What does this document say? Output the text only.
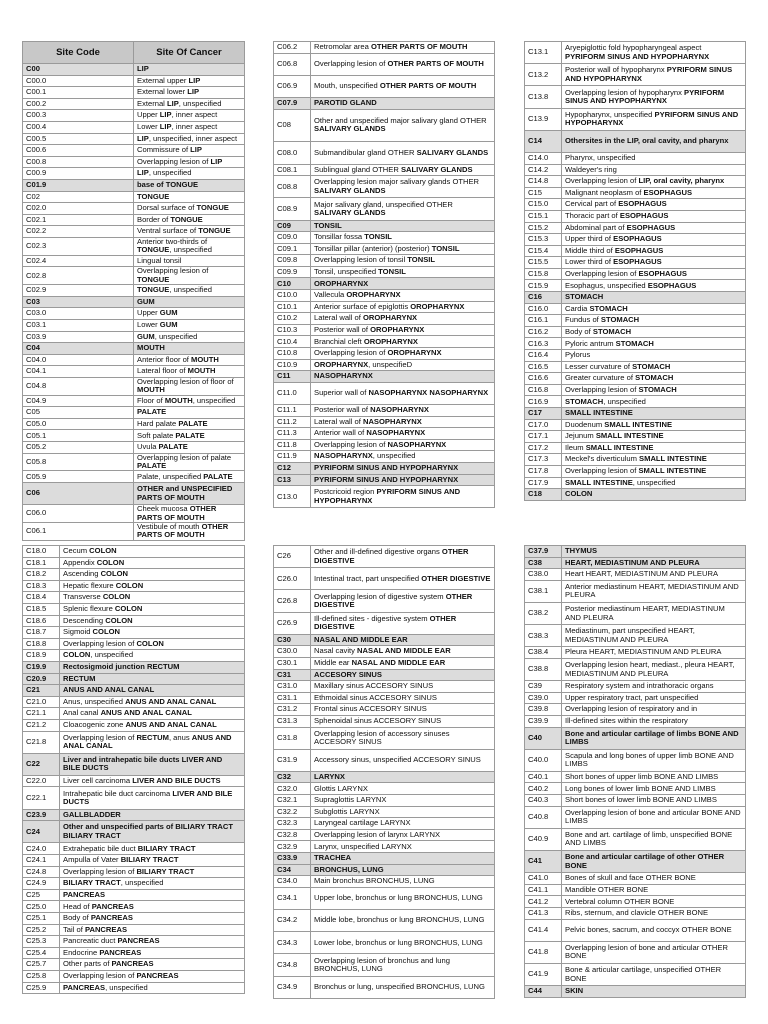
Site Code	Site Of Cancer
C00	LIP
C00.0	External upper LIP
C00.1	External lower LIP
C00.2	External LIP, unspecified
C00.3	Upper LIP, inner aspect
C00.4	Lower LIP, inner aspect
C00.5	LIP, unspecified, inner aspect
C00.6	Commissure of LIP
C00.8	Overlapping lesion of LIP
C00.9	LIP, unspecified
C01.9	base of TONGUE
C02	TONGUE
C02.0	Dorsal surface of TONGUE
C02.1	Border of TONGUE
C02.2	Ventral surface of TONGUE
C02.3	Anterior two-thirds of TONGUE, unspecified
C02.4	Lingual tonsil
C02.8	Overlapping lesion of TONGUE
C02.9	TONGUE, unspecified
C03	GUM
C03.0	Upper GUM
C03.1	Lower GUM
C03.9	GUM, unspecified
C04	MOUTH
C04.0	Anterior floor of MOUTH
C04.1	Lateral floor of MOUTH
C04.8	Overlapping lesion of floor of MOUTH
C04.9	Floor of MOUTH, unspecified
C05	PALATE
C05.0	Hard palate PALATE
C05.1	Soft palate PALATE
C05.2	Uvula PALATE
C05.8	Overlapping lesion of palate PALATE
C05.9	Palate, unspecified PALATE
C06	OTHER and UNSPECIFIED PARTS OF MOUTH
C06.0	Cheek mucosa OTHER PARTS OF MOUTH
C06.1	Vestibule of mouth OTHER PARTS OF MOUTH
C06.2	Retromolar area OTHER PARTS OF MOUTH
C06.8	Overlapping lesion of OTHER PARTS OF MOUTH
C06.9	Mouth, unspecified OTHER PARTS OF MOUTH
C07.9	PAROTID GLAND
C08	Other and unspecified major salivary gland OTHER SALIVARY GLANDS
C08.0	Submandibular gland OTHER SALIVARY GLANDS
C08.1	Sublingual gland OTHER SALIVARY GLANDS
C08.8	Overlapping lesion major salivary glands OTHER SALIVARY GLANDS
C08.9	Major salivary gland, unspecified OTHER SALIVARY GLANDS
C09	TONSIL
C09.0	Tonsillar fossa TONSIL
C09.1	Tonsillar pillar (anterior) (posterior) TONSIL
C09.8	Overlapping lesion of tonsil TONSIL
C09.9	Tonsil, unspecified TONSIL
C10	OROPHARYNX
C10.0	Vallecula OROPHARYNX
C10.1	Anterior surface of epiglottis OROPHARYNX
C10.2	Lateral wall of OROPHARYNX
C10.3	Posterior wall of OROPHARYNX
C10.4	Branchial cleft OROPHARYNX
C10.8	Overlapping lesion of OROPHARYNX
C10.9	OROPHARYNX, unspecifieD
C11	NASOPHARYNX
C11.0	Superior wall of NASOPHARYNX NASOPHARYNX
C11.1	Posterior wall of NASOPHARYNX
C11.2	Lateral wall of NASOPHARYNX
C11.3	Anterior wall of NASOPHARYNX
C11.8	Overlapping lesion of NASOPHARYNX
C11.9	NASOPHARYNX, unspecified
C12	PYRIFORM SINUS AND HYPOPHARYNX
C13	PYRIFORM SINUS AND HYPOPHARYNX
C13.0	Postcricoid region PYRIFORM SINUS AND HYPOPHARYNX
C13.1	Aryepiglottic fold hypopharyngeal aspect PYRIFORM SINUS AND HYPOPHARYNX
C13.2	Posterior wall of hypopharynx PYRIFORM SINUS AND HYPOPHARYNX
C13.8	Overlapping lesion of hypopharynx PYRIFORM SINUS AND HYPOPHARYNX
C13.9	Hypopharynx, unspecified PYRIFORM SINUS AND HYPOPHARYNX
C14	Othersites in the LIP, oral cavity, and pharynx
C14.0	Pharynx, unspecified
C14.2	Waldeyer's ring
C14.8	Overlapping lesion of LIP, oral cavity, pharynx
C15	Malignant neoplasm of ESOPHAGUS
C15.0	Cervical part of ESOPHAGUS
C15.1	Thoracic part of ESOPHAGUS
C15.2	Abdominal part of ESOPHAGUS
C15.3	Upper third of ESOPHAGUS
C15.4	Middle third of ESOPHAGUS
C15.5	Lower third of ESOPHAGUS
C15.8	Overlapping lesion of ESOPHAGUS
C15.9	Esophagus, unspecified ESOPHAGUS
C16	STOMACH
C16.0	Cardia STOMACH
C16.1	Fundus of STOMACH
C16.2	Body of STOMACH
C16.3	Pyloric antrum STOMACH
C16.4	Pylorus
C16.5	Lesser curvature of STOMACH
C16.6	Greater curvature of STOMACH
C16.8	Overlapping lesion of STOMACH
C16.9	STOMACH, unspecified
C17	SMALL INTESTINE
C17.0	Duodenum SMALL INTESTINE
C17.1	Jejunum SMALL INTESTINE
C17.2	Ileum SMALL INTESTINE
C17.3	Meckel's diverticulum SMALL INTESTINE
C17.8	Overlapping lesion of SMALL INTESTINE
C17.9	SMALL INTESTINE, unspecified
C18	COLON
C18.0	Cecum COLON
C18.1	Appendix COLON
C18.2	Ascending COLON
C18.3	Hepatic flexure COLON
C18.4	Transverse COLON
C18.5	Splenic flexure COLON
C18.6	Descending COLON
C18.7	Sigmoid COLON
C18.8	Overlapping lesion of COLON
C18.9	COLON, unspecified
C19.9	Rectosigmoid junction RECTUM
C20.9	RECTUM
C21	ANUS AND ANAL CANAL
C21.0	Anus, unspecified ANUS AND ANAL CANAL
C21.1	Anal canal ANUS AND ANAL CANAL
C21.2	Cloacogenic zone ANUS AND ANAL CANAL
C21.8	Overlapping lesion of RECTUM, anus ANUS AND ANAL CANAL
C22	Liver and intrahepatic bile ducts LIVER AND BILE DUCTS
C22.0	Liver cell carcinoma LIVER AND BILE DUCTS
C22.1	Intrahepatic bile duct carcinoma LIVER AND BILE DUCTS
C23.9	GALLBLADDER
C24	Other and unspecified parts of BILIARY TRACT BILIARY TRACT
C24.0	Extrahepatic bile duct BILIARY TRACT
C24.1	Ampulla of Vater BILIARY TRACT
C24.8	Overlapping lesion of BILIARY TRACT
C24.9	BILIARY TRACT, unspecified
C25	PANCREAS
C25.0	Head of PANCREAS
C25.1	Body of PANCREAS
C25.2	Tail of PANCREAS
C25.3	Pancreatic duct PANCREAS
C25.4	Endocrine PANCREAS
C25.7	Other parts of PANCREAS
C25.8	Overlapping lesion of PANCREAS
C25.9	PANCREAS, unspecified
C26	Other and ill-defined digestive organs OTHER DIGESTIVE
C26.0	Intestinal tract, part unspecified OTHER DIGESTIVE
C26.8	Overlapping lesion of digestive system OTHER DIGESTIVE
C26.9	Ill-defined sites - digestive system OTHER DIGESTIVE
C30	NASAL AND MIDDLE EAR
C30.0	Nasal cavity NASAL AND MIDDLE EAR
C30.1	Middle ear NASAL AND MIDDLE EAR
C31	ACCESORY SINUS
C31.0	Maxillary sinus ACCESORY SINUS
C31.1	Ethmoidal sinus ACCESORY SINUS
C31.2	Frontal sinus ACCESORY SINUS
C31.3	Sphenoidal sinus ACCESORY SINUS
C31.8	Overlapping lesion of accessory sinuses ACCESORY SINUS
C31.9	Accessory sinus, unspecified ACCESORY SINUS
C32	LARYNX
C32.0	Glottis LARYNX
C32.1	Supraglottis LARYNX
C32.2	Subglottis LARYNX
C32.3	Laryngeal cartilage LARYNX
C32.8	Overlapping lesion of larynx LARYNX
C32.9	Larynx, unspecified LARYNX
C33.9	TRACHEA
C34	BRONCHUS, LUNG
C34.0	Main bronchus BRONCHUS, LUNG
C34.1	Upper lobe, bronchus or lung BRONCHUS, LUNG
C34.2	Middle lobe, bronchus or lung BRONCHUS, LUNG
C34.3	Lower lobe, bronchus or lung BRONCHUS, LUNG
C34.8	Overlapping lesion of bronchus and lung BRONCHUS, LUNG
C34.9	Bronchus or lung, unspecified BRONCHUS, LUNG
C37.9	THYMUS
C38	HEART, MEDIASTINUM AND PLEURA
C38.0	Heart HEART, MEDIASTINUM AND PLEURA
C38.1	Anterior mediastinum HEART, MEDIASTINUM AND PLEURA
C38.2	Posterior mediastinum HEART, MEDIASTINUM AND PLEURA
C38.3	Mediastinum, part unspecified HEART, MEDIASTINUM AND PLEURA
C38.4	Pleura HEART, MEDIASTINUM AND PLEURA
C38.8	Overlapping lesion heart, mediast., pleura HEART, MEDIASTINUM AND PLEURA
C39	Respiratory system and intrathoracic organs
C39.0	Upper respiratory tract, part unspecified
C39.8	Overlapping lesion of respiratory and in
C39.9	Ill-defined sites within the respiratory
C40	Bone and articular cartilage of limbs BONE AND LIMBS
C40.0	Scapula and long bones of upper limb BONE AND LIMBS
C40.1	Short bones of upper limb BONE AND LIMBS
C40.2	Long bones of lower limb BONE AND LIMBS
C40.3	Short bones of lower limb BONE AND LIMBS
C40.8	Overlapping lesion of bone and articular BONE AND LIMBS
C40.9	Bone and art. cartilage of limb, unspecified BONE AND LIMBS
C41	Bone and articular cartilage of other OTHER BONE
C41.0	Bones of skull and face OTHER BONE
C41.1	Mandible OTHER BONE
C41.2	Vertebral column OTHER BONE
C41.3	Ribs, sternum, and clavicle OTHER BONE
C41.4	Pelvic bones, sacrum, and coccyx OTHER BONE
C41.8	Overlapping lesion of bone and articular OTHER BONE
C41.9	Bone & articular cartilage, unspecified OTHER BONE
C44	SKIN
